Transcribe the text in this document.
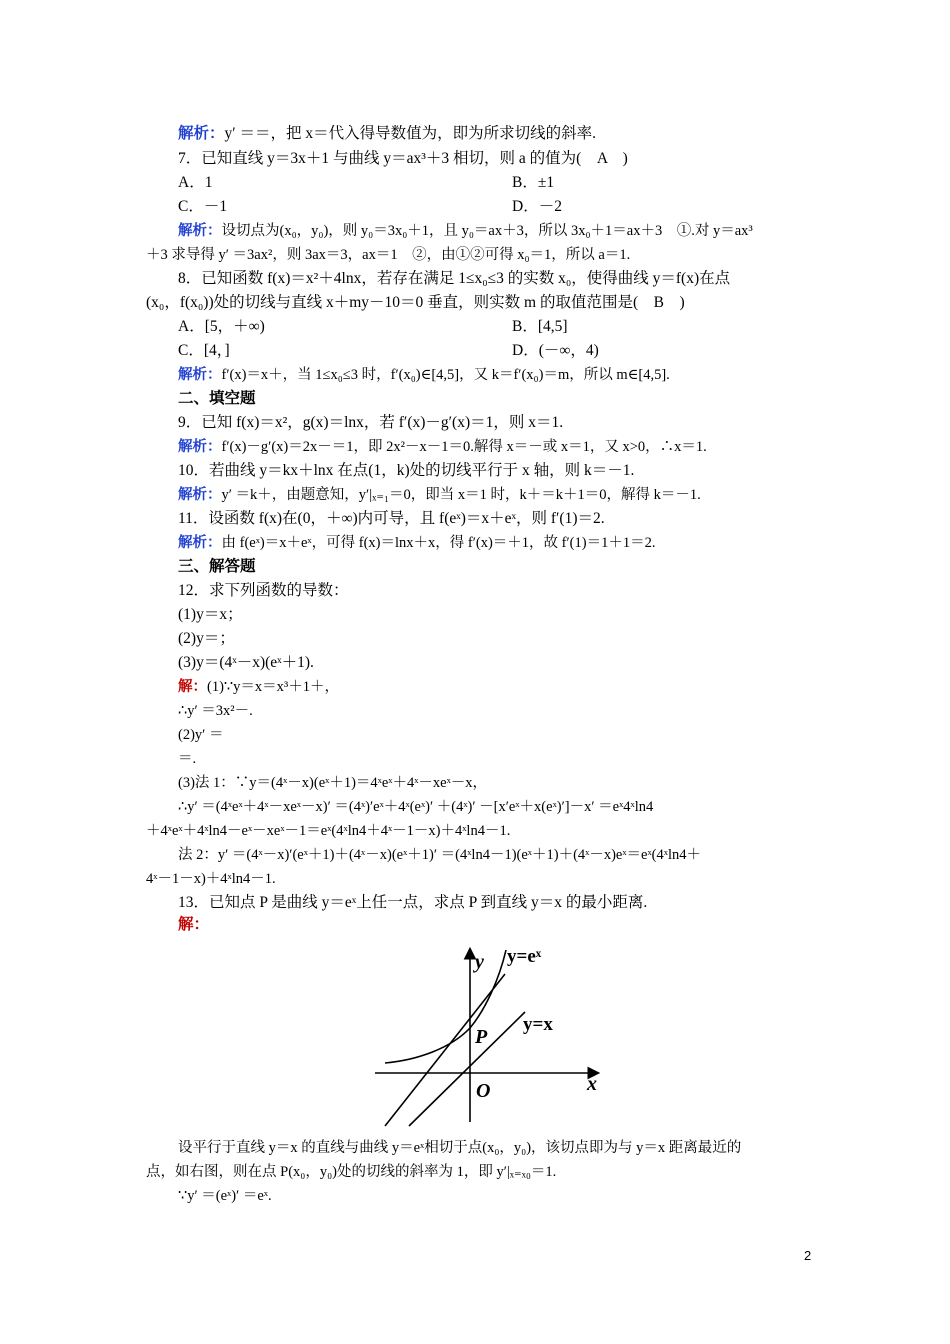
解析：y′ ＝＝，把 x＝代入得导数值为，即为所求切线的斜率.
7．已知直线 y＝3x＋1 与曲线 y＝ax³＋3 相切，则 a 的值为(　A　)
A．1	B．±1
C．－1	D．－2
解析：设切点为(x₀，y₀)，则 y₀＝3x₀＋1，且 y₀＝ax＋3，所以 3x₀＋1＝ax＋3　①.对 y＝ax³
＋3 求导得 y′ ＝3ax²，则 3ax＝3，ax＝1　②，由①②可得 x₀＝1，所以 a＝1.
8．已知函数 f(x)＝x²＋4lnx，若存在满足 1≤x₀≤3 的实数 x₀，使得曲线 y＝f(x)在点
(x₀，f(x₀))处的切线与直线 x＋my－10＝0 垂直，则实数 m 的取值范围是(　B　)
A．[5，＋∞)	B．[4,5]
C．[4，]	D．(－∞，4)
解析：f′(x)＝x＋，当 1≤x₀≤3 时，f′(x₀)∈[4,5]，又 k＝f′(x₀)＝m，所以 m∈[4,5].
二、填空题
9．已知 f(x)＝x²，g(x)＝lnx，若 f′(x)－g′(x)＝1，则 x＝1.
解析：f′(x)－g′(x)＝2x－＝1，即 2x²－x－1＝0.解得 x＝－或 x＝1，又 x>0，∴x＝1.
10．若曲线 y＝kx＋lnx 在点(1，k)处的切线平行于 x 轴，则 k＝－1.
解析：y′ ＝k＋，由题意知，y′|ₓ₌₁＝0，即当 x＝1 时，k＋＝k＋1＝0，解得 k＝－1.
11．设函数 f(x)在(0，＋∞)内可导，且 f(eˣ)＝x＋eˣ，则 f′(1)＝2.
解析：由 f(eˣ)＝x＋eˣ，可得 f(x)＝lnx＋x，得 f′(x)＝＋1，故 f′(1)＝1＋1＝2.
三、解答题
12．求下列函数的导数：
(1)y＝x；
(2)y＝；
(3)y＝(4ˣ－x)(eˣ＋1).
解：(1)∵y＝x＝x³＋1＋，
∴y′ ＝3x²－.
(2)y′ ＝
＝.
(3)法 1：∵y＝(4ˣ－x)(eˣ＋1)＝4ˣeˣ＋4ˣ－xeˣ－x，
∴y′ ＝(4ˣeˣ＋4ˣ－xeˣ－x)′ ＝(4ˣ)′eˣ＋4ˣ(eˣ)′ ＋(4ˣ)′ －[x′eˣ＋x(eˣ)′]－x′ ＝eˣ4ˣln4
＋4ˣeˣ＋4ˣln4－eˣ－xeˣ－1＝eˣ(4ˣln4＋4ˣ－1－x)＋4ˣln4－1.
法 2：y′ ＝(4ˣ－x)′(eˣ＋1)＋(4ˣ－x)(eˣ＋1)′ ＝(4ˣln4－1)(eˣ＋1)＋(4ˣ－x)eˣ＝eˣ(4ˣln4＋
4ˣ－1－x)＋4ˣln4－1.
13．已知点 P 是曲线 y＝eˣ上任一点，求点 P 到直线 y＝x 的最小距离.
解：
y y=eˣ
y=x
P
O	x
设平行于直线 y＝x 的直线与曲线 y＝eˣ相切于点(x₀，y₀)，该切点即为与 y＝x 距离最近的
点，如右图，则在点 P(x₀，y₀)处的切线的斜率为 1，即 y′|ₓ₌ₓ₀＝1.
∵y′ ＝(eˣ)′ ＝eˣ.
2
